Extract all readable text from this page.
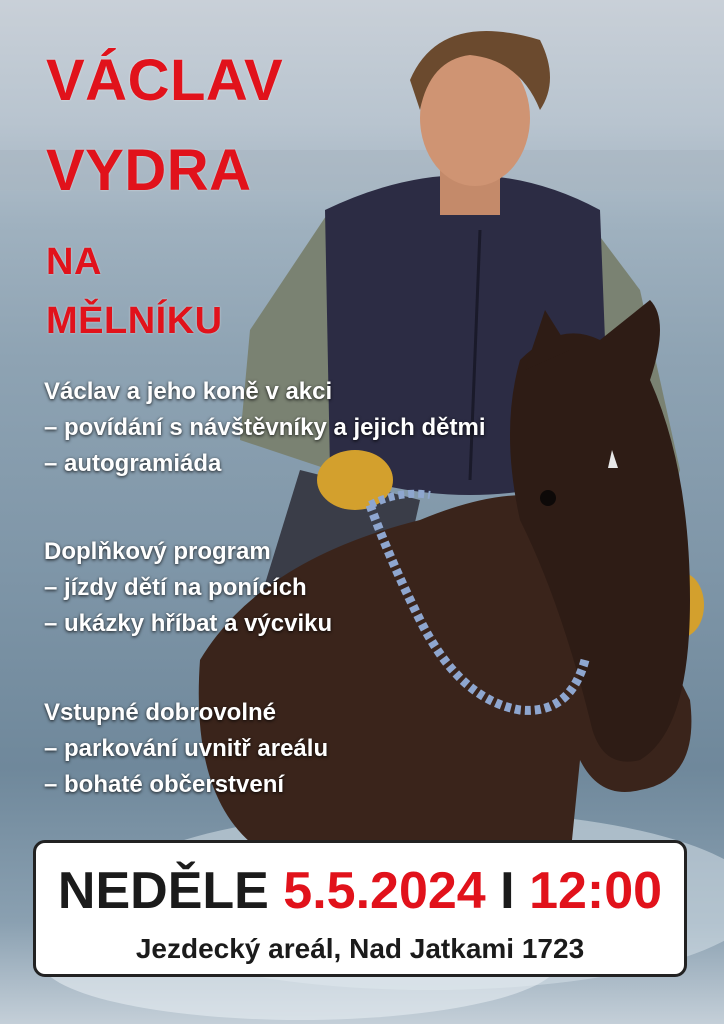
VÁCLAV
VYDRA
NA
MĚLNÍKU
Václav a jeho koně v akci
– povídání s návštěvníky a jejich dětmi
– autogramiáda
Doplňkový program
– jízdy dětí na ponících
– ukázky hříbat a výcviku
Vstupné dobrovolné
– parkování uvnitř areálu
– bohaté občerstvení
NEDĚLE 5.5.2024 I 12:00
Jezdecký areál, Nad Jatkami 1723
